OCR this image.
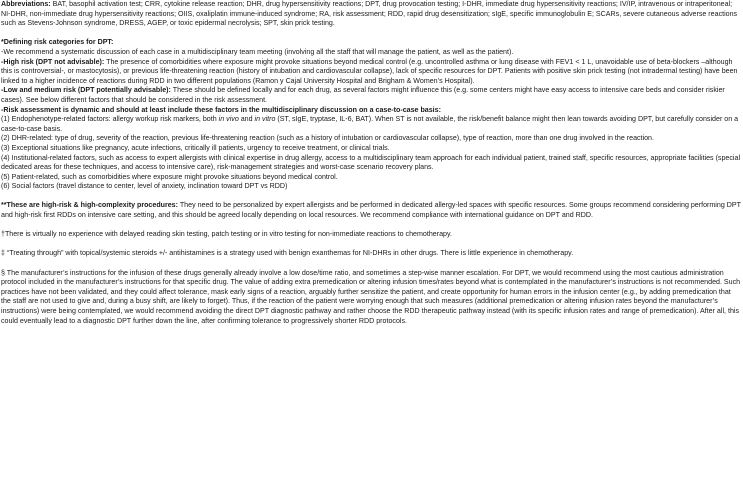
Abbreviations: BAT, basophil activation test; CRR, cytokine release reaction; DHR, drug hypersensitivity reactions; DPT, drug provocation testing; I-DHR, immediate drug hypersensitivity reactions; IV/IP, intravenous or intraperitoneal; NI-DHR, non-immediate drug hypersensitivity reactions; OIIS, oxaliplatin immune-induced syndrome; RA, risk assessment; RDD, rapid drug desensitization; sIgE, specific immunoglobulin E; SCARs, severe cutaneous adverse reactions such as Stevens-Johnson syndrome, DRESS, AGEP, or toxic epidermal necrolysis; SPT, skin prick testing.

*Defining risk categories for DPT:

-We recommend a systematic discussion of each case in a multidisciplinary team meeting (involving all the staff that will manage the patient, as well as the patient).

-High risk (DPT not advisable): The presence of comorbidities where exposure might provoke situations beyond medical control (e.g. uncontrolled asthma or lung disease with FEV1 < 1 L, unavoidable use of beta-blockers –although this is controversial-, or mastocytosis), or previous life-threatening reaction (history of intubation and cardiovascular collapse), lack of specific resources for DPT. Patients with positive skin prick testing (not intradermal testing) have been linked to a higher incidence of reactions during RDD in two different populations (Ramon y Cajal University Hospital and Brigham & Women’s Hospital).

-Low and medium risk (DPT potentially advisable): These should be defined locally and for each drug, as several factors might influence this (e.g. some centers might have easy access to intensive care beds and consider riskier cases). See below different factors that should be considered in the risk assessment.

-Risk assessment is dynamic and should at least include these factors in the multidisciplinary discussion on a case-to-case basis:

(1) Endophenotype-related factors: allergy workup risk markers, both in vivo and in vitro (ST, sIgE, tryptase, IL-6, BAT). When ST is not available, the risk/benefit balance might then lean towards avoiding DPT, but carefully consider on a case-to-case basis.

(2) DHR-related: type of drug, severity of the reaction, previous life-threatening reaction (such as a history of intubation or cardiovascular collapse), type of reaction, more than one drug involved in the reaction.

(3) Exceptional situations like pregnancy, acute infections, critically ill patients, urgency to receive treatment, or clinical trials.

(4) Institutional-related factors, such as access to expert allergists with clinical expertise in drug allergy, access to a multidisciplinary team approach for each individual patient, trained staff, specific resources, appropriate facilities (special dedicated areas for these techniques, and access to intensive care), risk-management strategies and worst-case scenario recovery plans.

(5) Patient-related, such as comorbidities where exposure might provoke situations beyond medical control.

(6) Social factors (travel distance to center, level of anxiety, inclination toward DPT vs RDD)

**These are high-risk & high-complexity procedures: They need to be personalized by expert allergists and be performed in dedicated allergy-led spaces with specific resources. Some groups recommend considering performing DPT and high-risk first RDDs on intensive care setting, and this should be agreed locally depending on local resources. We recommend compliance with international guidance on DPT and RDD.

†There is virtually no experience with delayed reading skin testing, patch testing or in vitro testing for non-immediate reactions to chemotherapy.

‡ “Treating through” with topical/systemic steroids +/- antihistamines is a strategy used with benign exanthemas for NI-DHRs in other drugs. There is little experience in chemotherapy.

§ The manufacturer’s instructions for the infusion of these drugs generally already involve a low dose/time ratio, and sometimes a step-wise manner escalation. For DPT, we would recommend using the most cautious administration protocol included in the manufacturer’s instructions for that specific drug. The value of adding extra premedication or altering infusion times/rates beyond what is contemplated in the manufacturer’s instructions is not recommended. Such practices have not been validated, and they could affect tolerance, mask early signs of a reaction, arguably further sensitize the patient, and create opportunity for human errors in the infusion center (e.g., by adding premedication that the staff are not used to give and, during a busy shift, are likely to forget). Thus, if the reaction of the patient were worrying enough that such measures (additional premedication or altering infusion rates beyond the manufacturer’s instructions) were being contemplated, we would recommend avoiding the direct DPT diagnostic pathway and rather choose the RDD therapeutic pathway instead (with its specific infusion rates and range of premedication). After all, this could eventually lead to a diagnostic DPT further down the line, after confirming tolerance to progressively shorter RDD protocols.
